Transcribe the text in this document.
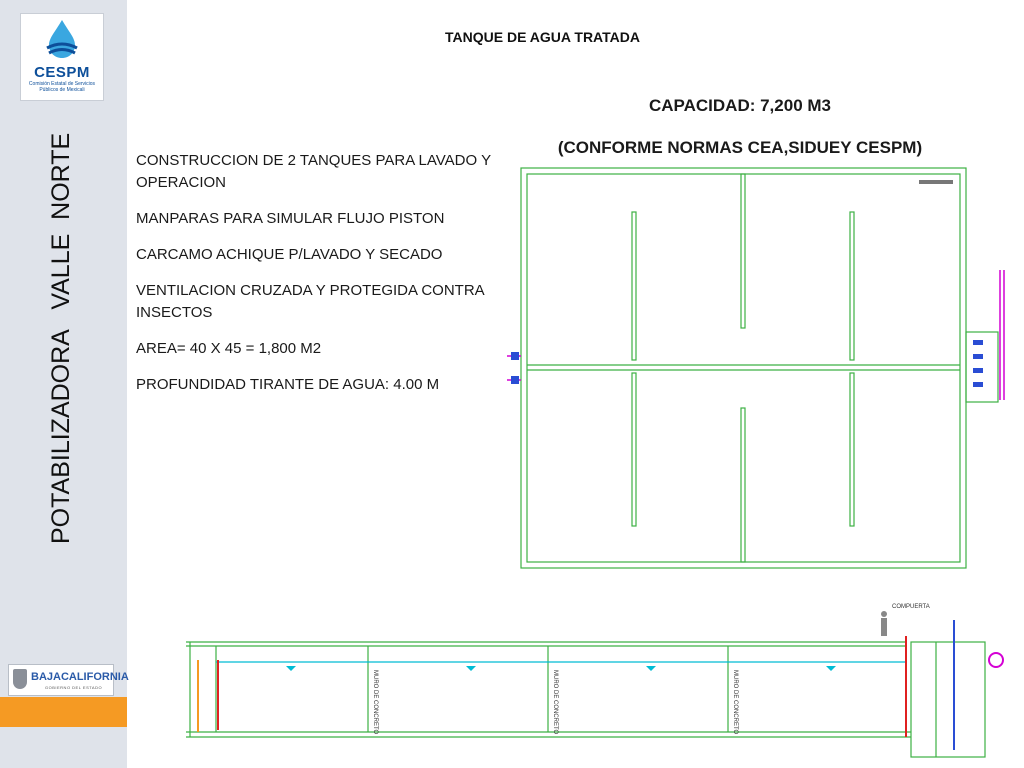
CESPM
Comisión Estatal de Servicios Públicos de Mexicali
POTABILIZADORA   VALLE  NORTE
BAJACALIFORNIA
GOBIERNO DEL ESTADO
TANQUE DE AGUA TRATADA
CAPACIDAD: 7,200 M3
(CONFORME NORMAS CEA,SIDUEY CESPM)
CONSTRUCCION DE 2 TANQUES PARA LAVADO Y OPERACION
MANPARAS PARA SIMULAR FLUJO PISTON
CARCAMO ACHIQUE P/LAVADO Y SECADO
VENTILACION CRUZADA Y PROTEGIDA CONTRA INSECTOS
AREA= 40 X 45 = 1,800 M2
PROFUNDIDAD TIRANTE DE AGUA: 4.00 M
MURO DE CONCRETO	MURO DE CONCRETO	MURO DE CONCRETO
COMPUERTA
